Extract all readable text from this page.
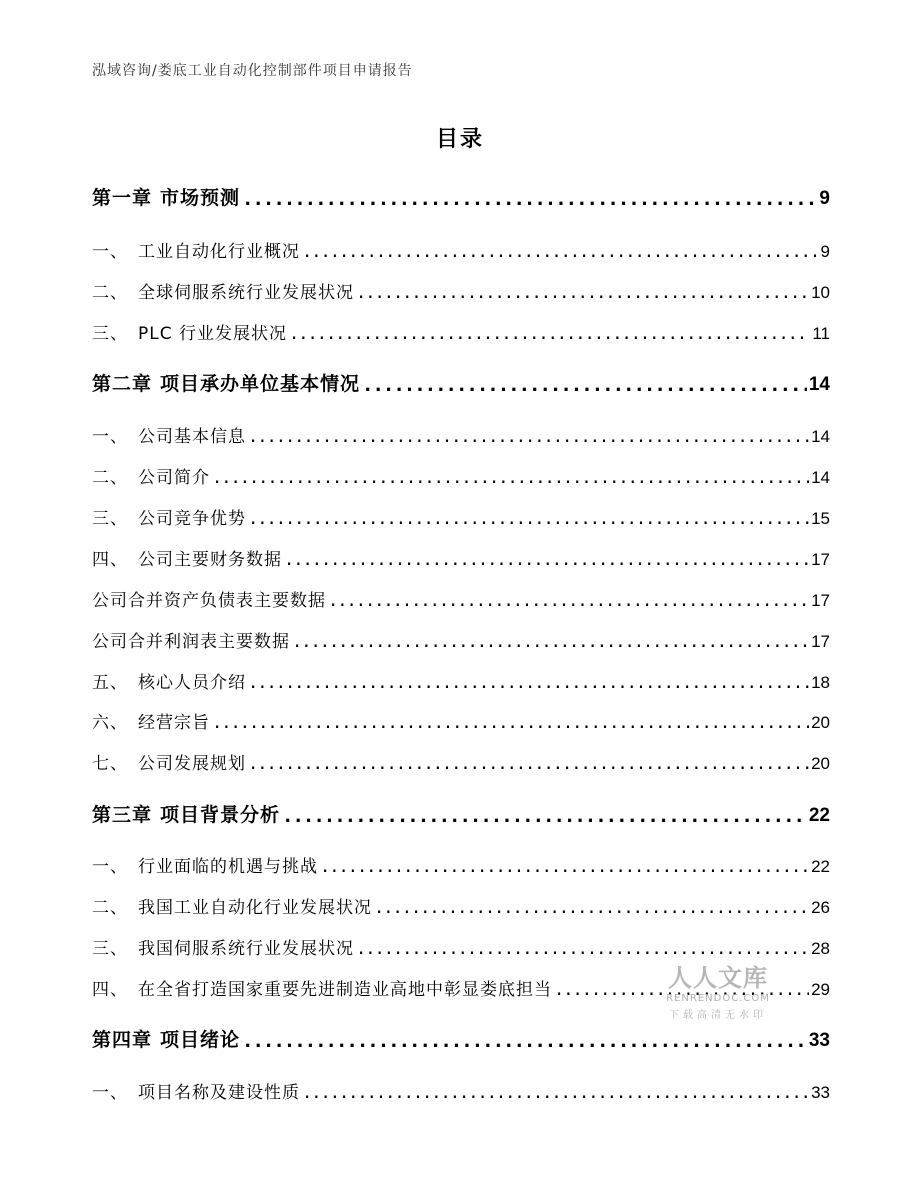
泓域咨询/娄底工业自动化控制部件项目申请报告
目录
第一章 市场预测 .....	9
一、 工业自动化行业概况 .....	9
二、 全球伺服系统行业发展状况 .....	10
三、 PLC 行业发展状况 .....	11
第二章 项目承办单位基本情况 .....	14
一、 公司基本信息 .....	14
二、 公司简介 .....	14
三、 公司竞争优势 .....	15
四、 公司主要财务数据 .....	17
公司合并资产负债表主要数据 .....	17
公司合并利润表主要数据 .....	17
五、 核心人员介绍 .....	18
六、 经营宗旨 .....	20
七、 公司发展规划 .....	20
第三章 项目背景分析 .....	22
一、 行业面临的机遇与挑战 .....	22
二、 我国工业自动化行业发展状况 .....	26
三、 我国伺服系统行业发展状况 .....	28
四、 在全省打造国家重要先进制造业高地中彰显娄底担当 .....	29
第四章 项目绪论 .....	33
一、 项目名称及建设性质 .....	33
人人文库
RENRENDOC.COM
下载高清无水印
